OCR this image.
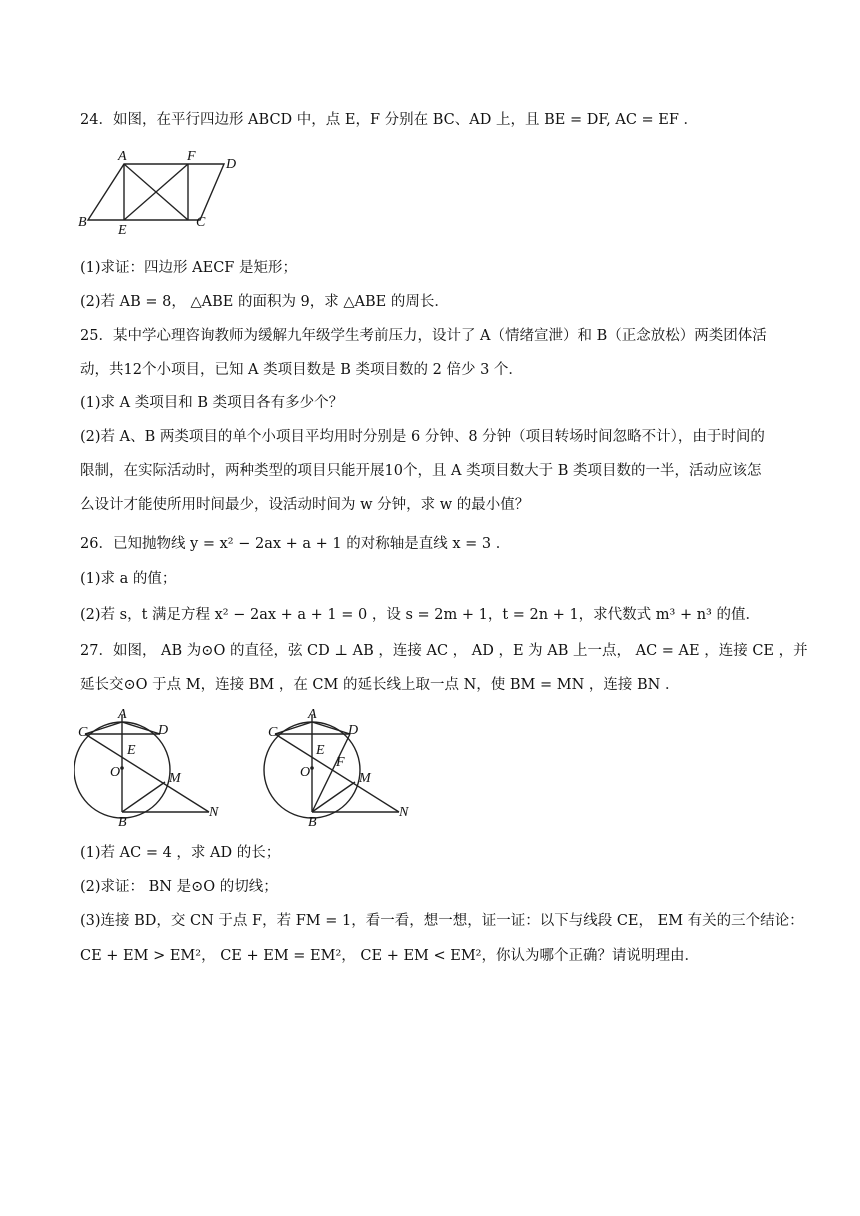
24．如图，在平行四边形 ABCD 中，点 E，F 分别在 BC、AD 上，且 BE = DF, AC = EF ．
A	F
D
B	C
E
(1)求证：四边形 AECF 是矩形；
(2)若 AB = 8， △ABE 的面积为 9，求 △ABE 的周长．
25．某中学心理咨询教师为缓解九年级学生考前压力，设计了 A（情绪宣泄）和 B（正念放松）两类团体活
动，共12个小项目，已知 A 类项目数是 B 类项目数的 2 倍少 3 个．
(1)求 A 类项目和 B 类项目各有多少个？
(2)若 A、B 两类项目的单个小项目平均用时分别是 6 分钟、8 分钟（项目转场时间忽略不计），由于时间的
限制，在实际活动时，两种类型的项目只能开展10个，且 A 类项目数大于 B 类项目数的一半，活动应该怎
么设计才能使所用时间最少，设活动时间为 w 分钟，求 w 的最小值？
26．已知抛物线 y = x² − 2ax + a + 1 的对称轴是直线 x = 3 ．
(1)求 a 的值；
(2)若 s，t 满足方程 x² − 2ax + a + 1 = 0 ，设 s = 2m + 1，t = 2n + 1，求代数式 m³ + n³ 的值．
27．如图， AB 为⊙O 的直径，弦 CD ⊥ AB ，连接 AC ， AD ，E 为 AB 上一点， AC = AE ，连接 CE ，并
延长交⊙O 于点 M，连接 BM ，在 CM 的延长线上取一点 N，使 BM = MN ，连接 BN ．
A
C	D
E
O	M
N
B
A
C	D
E
F
O	M
N
B
(1)若 AC = 4 ，求 AD 的长；
(2)求证： BN 是⊙O 的切线；
(3)连接 BD，交 CN 于点 F，若 FM = 1，看一看，想一想，证一证：以下与线段 CE， EM 有关的三个结论：
CE + EM > EM²， CE + EM = EM²， CE + EM < EM²，你认为哪个正确？请说明理由．
